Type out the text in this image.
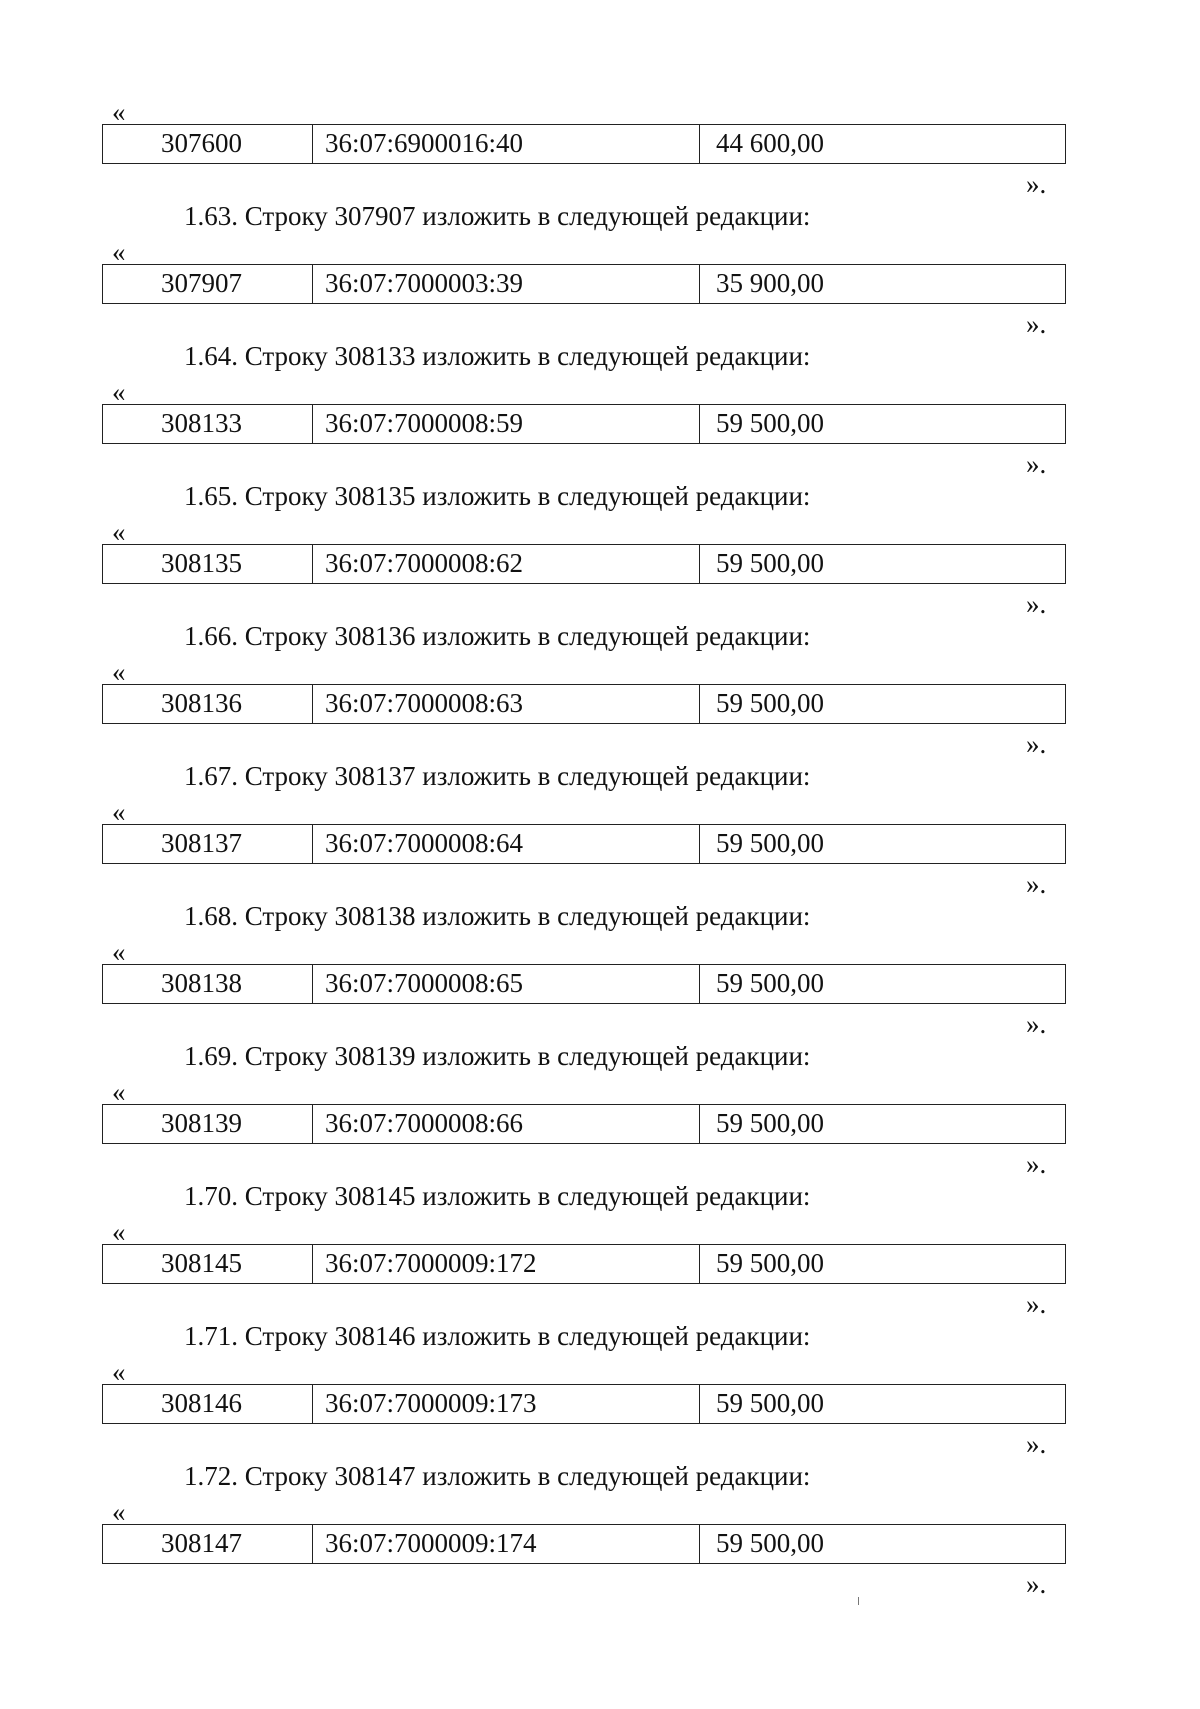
«
307600	36:07:6900016:40	44 600,00
».
1.63. Строку 307907 изложить в следующей редакции:
«
307907	36:07:7000003:39	35 900,00
».
1.64. Строку 308133 изложить в следующей редакции:
«
308133	36:07:7000008:59	59 500,00
».
1.65. Строку 308135 изложить в следующей редакции:
«
308135	36:07:7000008:62	59 500,00
».
1.66. Строку 308136 изложить в следующей редакции:
«
308136	36:07:7000008:63	59 500,00
».
1.67. Строку 308137 изложить в следующей редакции:
«
308137	36:07:7000008:64	59 500,00
».
1.68. Строку 308138 изложить в следующей редакции:
«
308138	36:07:7000008:65	59 500,00
».
1.69. Строку 308139 изложить в следующей редакции:
«
308139	36:07:7000008:66	59 500,00
».
1.70. Строку 308145 изложить в следующей редакции:
«
308145	36:07:7000009:172	59 500,00
».
1.71. Строку 308146 изложить в следующей редакции:
«
308146	36:07:7000009:173	59 500,00
».
1.72. Строку 308147 изложить в следующей редакции:
«
308147	36:07:7000009:174	59 500,00
».
